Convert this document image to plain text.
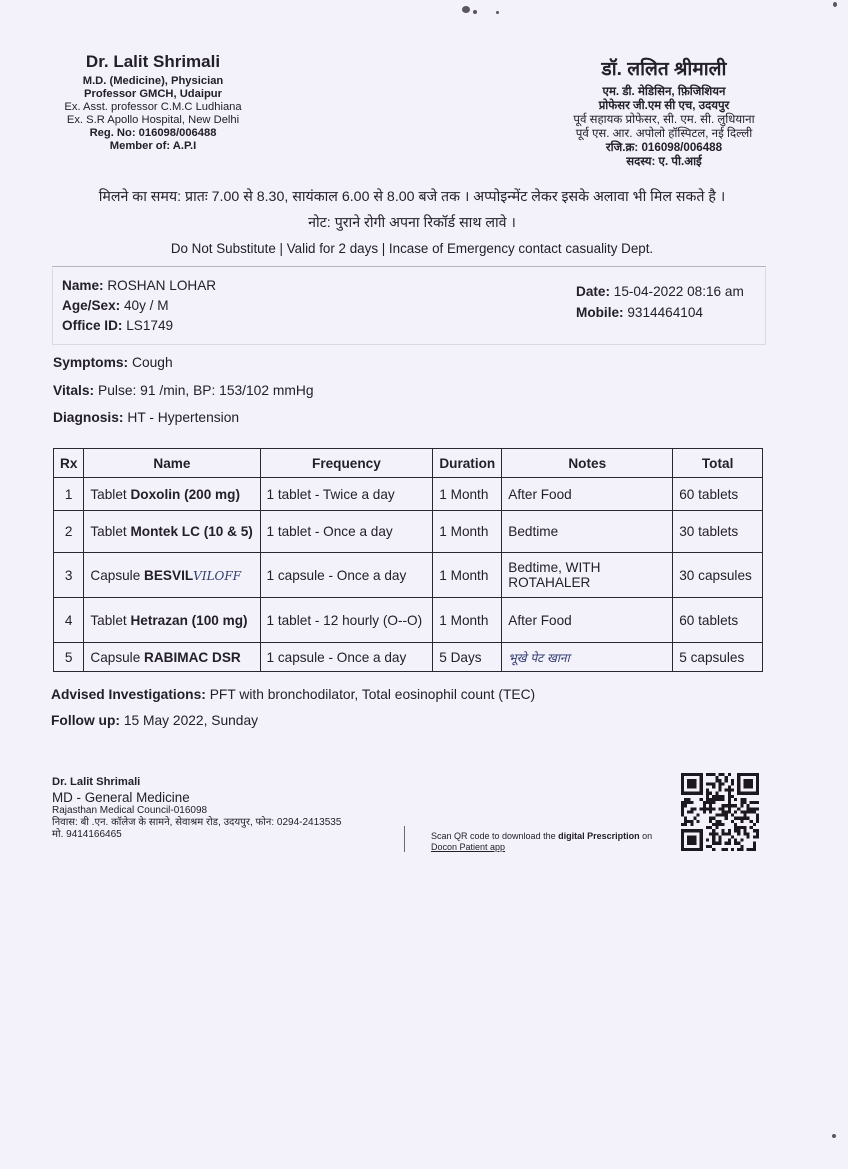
Dr. Lalit Shrimali
M.D. (Medicine), Physician
Professor GMCH, Udaipur
Ex. Asst. professor C.M.C Ludhiana
Ex. S.R Apollo Hospital, New Delhi
Reg. No: 016098/006488
Member of: A.P.I
डॉ. ललित श्रीमाली
एम. डी. मेडिसिन, फ़िजिशियन
प्रोफेसर जी.एम सी एच, उदयपुर
पूर्व सहायक प्रोफेसर, सी. एम. सी. लुधियाना
पूर्व एस. आर. अपोलो हॉस्पिटल, नई दिल्ली
रजि.क्र: 016098/006488
सदस्य: ए. पी.आई
मिलने का समय: प्रातः 7.00 से 8.30, सायंकाल 6.00 से 8.00 बजे तक । अप्पोइन्मेंट लेकर इसके अलावा भी मिल सकते है ।
नोट: पुराने रोगी अपना रिकॉर्ड साथ लावे ।
Do Not Substitute | Valid for 2 days | Incase of Emergency contact casuality Dept.
Name: ROSHAN LOHAR
Age/Sex: 40y / M
Office ID: LS1749
Date: 15-04-2022 08:16 am
Mobile: 9314464104
Symptoms: Cough
Vitals: Pulse: 91 /min, BP: 153/102 mmHg
Diagnosis: HT - Hypertension
Rx	Name	Frequency	Duration	Notes	Total
1	Tablet Doxolin (200 mg)	1 tablet - Twice a day	1 Month	After Food	60 tablets
2	Tablet Montek LC (10 & 5)	1 tablet - Once a day	1 Month	Bedtime	30 tablets
3	Capsule BESVILVILOFF	1 capsule - Once a day	1 Month	Bedtime, WITH ROTAHALER	30 capsules
4	Tablet Hetrazan (100 mg)	1 tablet - 12 hourly (O--O)	1 Month	After Food	60 tablets
5	Capsule RABIMAC DSR	1 capsule - Once a day	5 Days	भूखे पेट खाना	5 capsules
Advised Investigations: PFT with bronchodilator, Total eosinophil count (TEC)
Follow up: 15 May 2022, Sunday
Dr. Lalit Shrimali
MD - General Medicine
Rajasthan Medical Council-016098
निवास: बी .एन. कॉलेज के सामने, सेवाश्रम रोड, उदयपुर, फोन: 0294-2413535
मो. 9414166465	Scan QR code to download the digital Prescription on
Docon Patient app
